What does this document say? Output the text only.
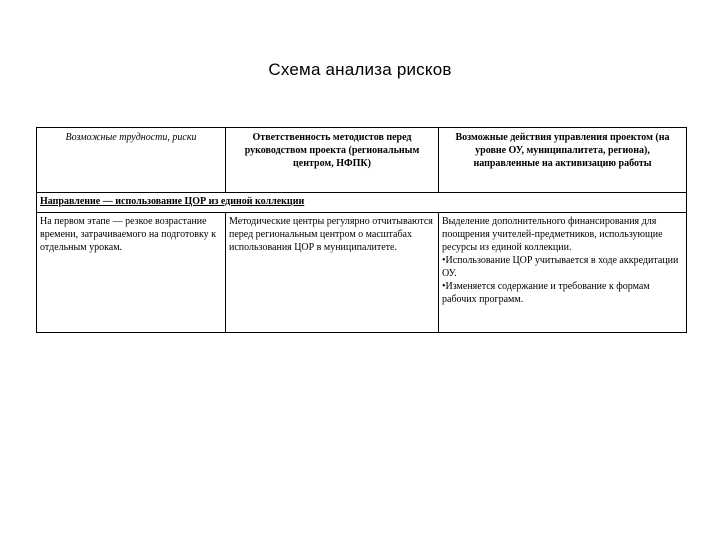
Схема анализа рисков
Возможные трудности, риски	Ответственность методистов перед руководством проекта (региональным центром, НФПК)	Возможные действия управления проектом (на уровне ОУ, муниципалитета, региона), направленные на активизацию работы
Направление — использование ЦОР из единой коллекции		
На первом этапе — резкое возрастание времени, затрачиваемого на подготовку к отдельным урокам.	Методические центры регулярно отчитываются перед региональным центром о масштабах использования ЦОР в муниципалитете.	Выделение дополнительного финансирования для поощрения учителей-предметников, использующие ресурсы из единой коллекции.
• Использование ЦОР учитывается в ходе аккредитации ОУ.
• Изменяется содержание и требование к формам рабочих программ.
